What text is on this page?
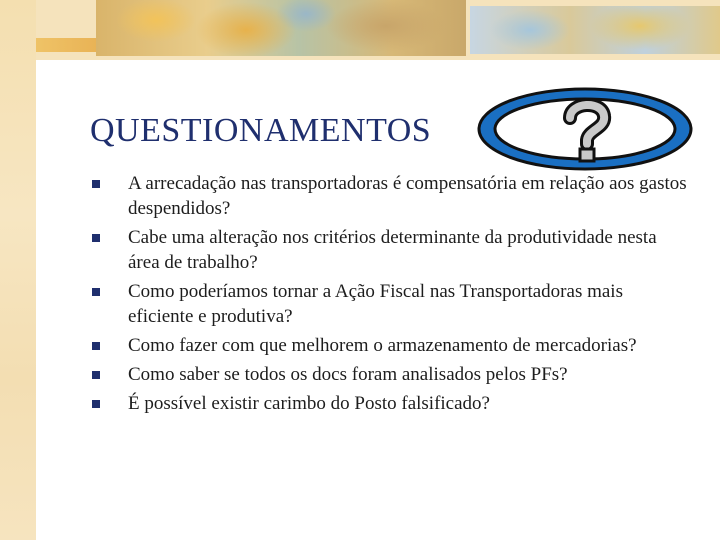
QUESTIONAMENTOS
A arrecadação nas transportadoras é compensatória em relação aos gastos despendidos?
Cabe uma alteração nos critérios determinante da produtividade nesta área de trabalho?
Como poderíamos tornar a Ação Fiscal nas Transportadoras mais eficiente e produtiva?
Como fazer com que melhorem o armazenamento de mercadorias?
Como saber se todos os docs foram analisados pelos PFs?
É possível existir carimbo do Posto falsificado?
